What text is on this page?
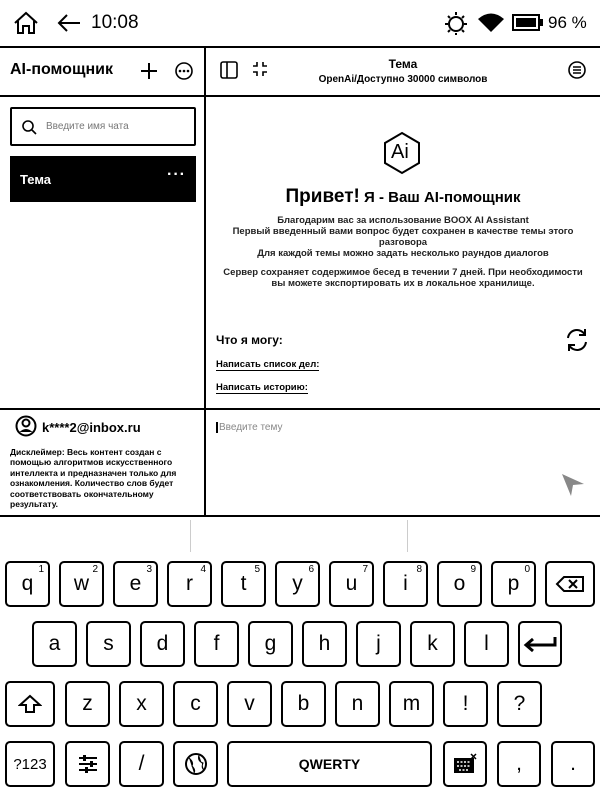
10:08	96 %
AI-помощник
Введите имя чата
Тема	···
Тема
OpenAi/Доступно 30000 символов
Ai
Привет! Я - Ваш AI-помощник
Благодарим вас за использование BOOX AI Assistant
Первый введенный вами вопрос будет сохранен в качестве темы этого разговора
Для каждой темы можно задать несколько раундов диалогов
Сервер сохраняет содержимое бесед в течении 7 дней. При необходимости вы можете экспортировать их в локальное хранилище.
Что я могу:
Написать список дел:
Написать историю:
k****2@inbox.ru
Дисклеймер: Весь контент создан с помощью алгоритмов искусственного интеллекта и предназначен только для ознакомления. Количество слов будет соответствовать окончательному результату.
Введите тему
q
$^1$
w
$^2$
e
$^3$
r
$^4$
t
$^5$
y
$^6$
u
$^7$
i
$^8$
o
$^9$
p
$^0$
a s d f g h j k l
z x c v b n m ! ?
?123	/	QWERTY	, .
